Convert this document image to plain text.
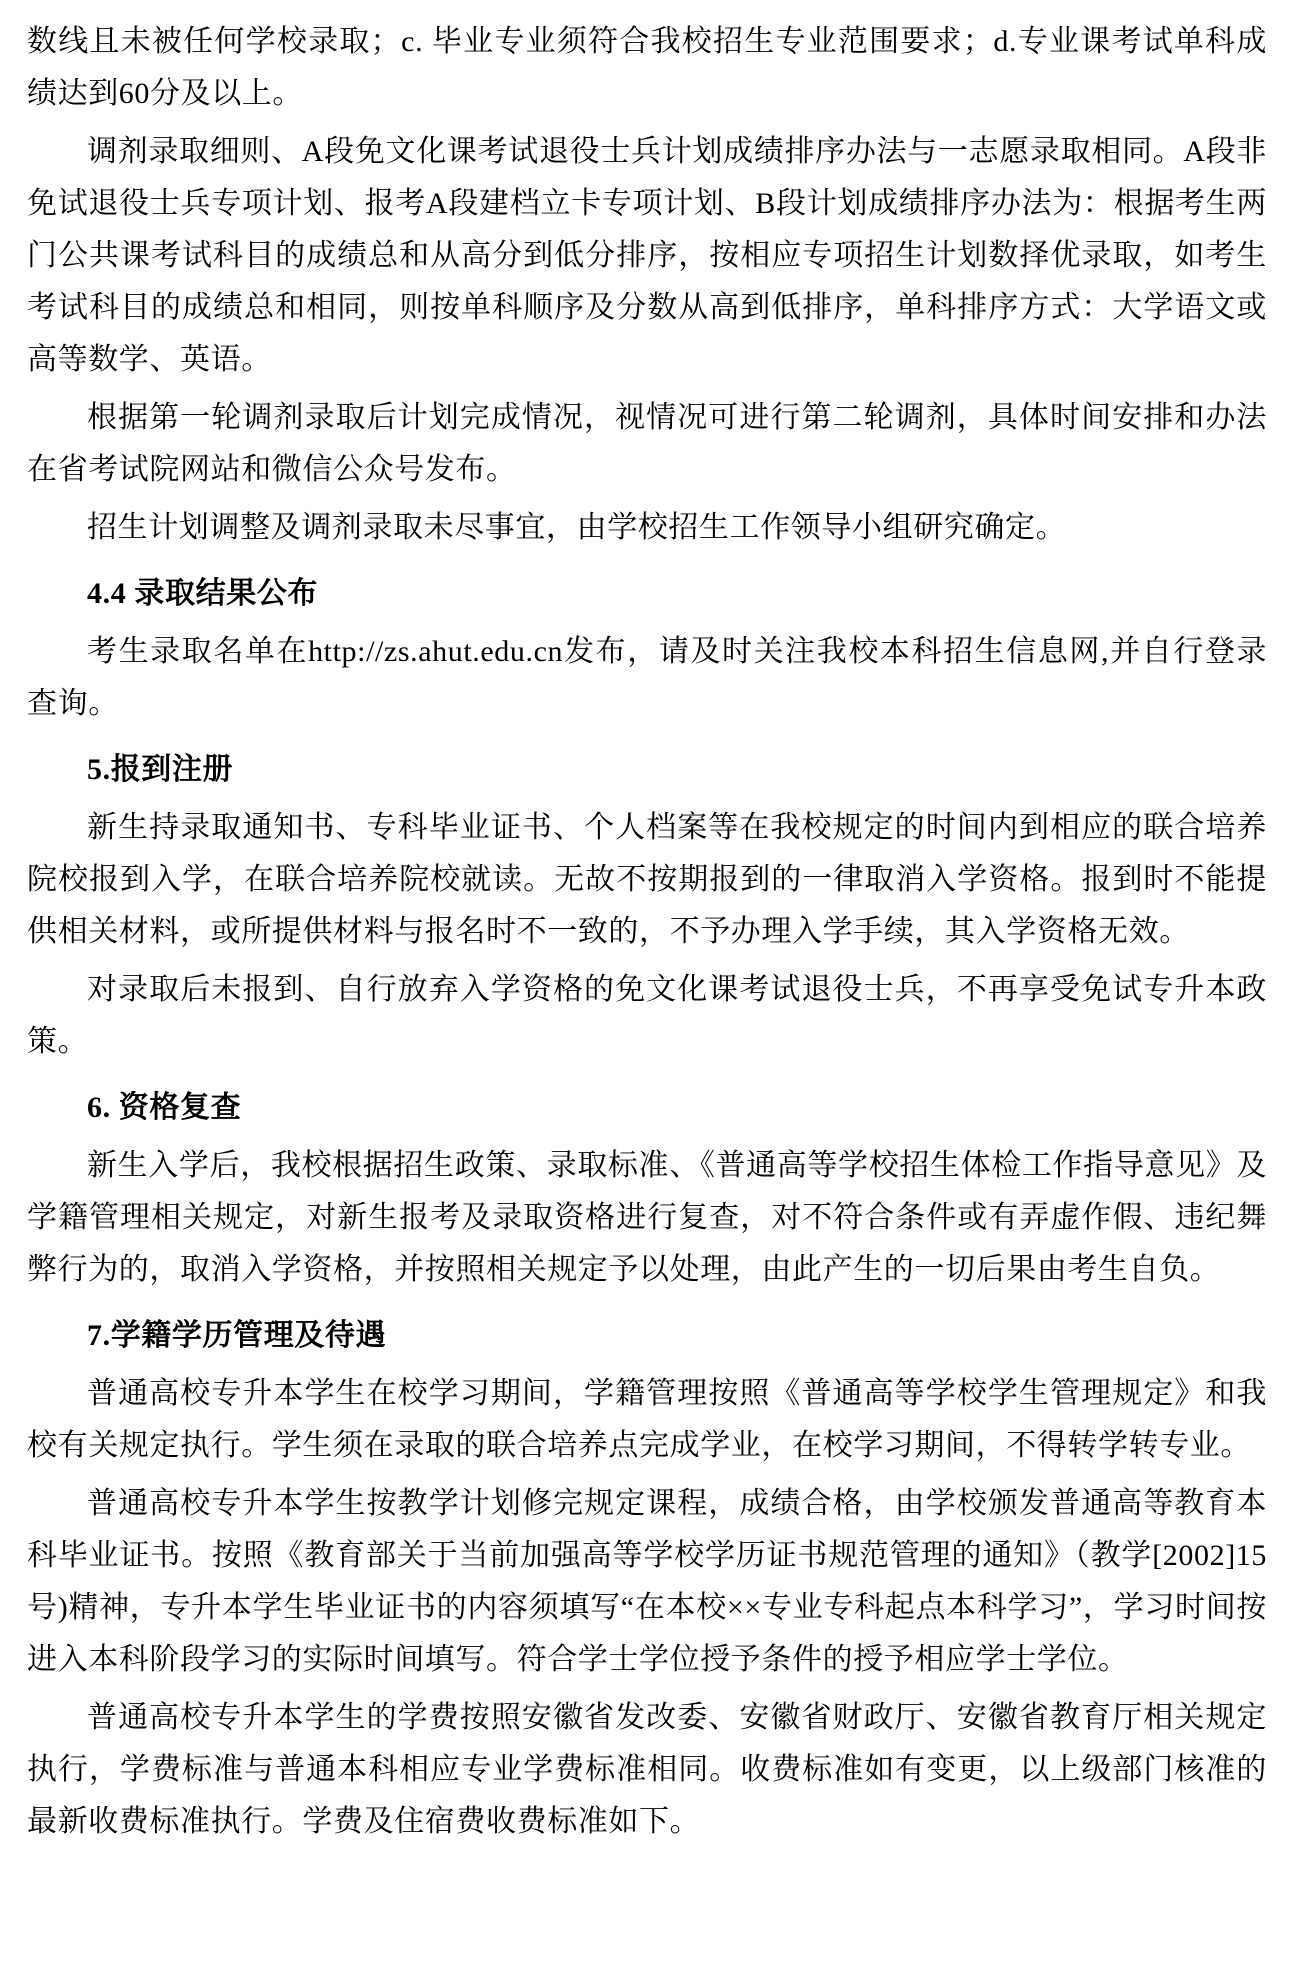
数线且未被任何学校录取；c. 毕业专业须符合我校招生专业范围要求；d.专业课考试单科成绩达到60分及以上。

调剂录取细则、A段免文化课考试退役士兵计划成绩排序办法与一志愿录取相同。A段非免试退役士兵专项计划、报考A段建档立卡专项计划、B段计划成绩排序办法为：根据考生两门公共课考试科目的成绩总和从高分到低分排序，按相应专项招生计划数择优录取，如考生考试科目的成绩总和相同，则按单科顺序及分数从高到低排序，单科排序方式：大学语文或高等数学、英语。

根据第一轮调剂录取后计划完成情况，视情况可进行第二轮调剂，具体时间安排和办法在省考试院网站和微信公众号发布。

招生计划调整及调剂录取未尽事宜，由学校招生工作领导小组研究确定。

4.4 录取结果公布

考生录取名单在http://zs.ahut.edu.cn发布，请及时关注我校本科招生信息网,并自行登录查询。

5.报到注册

新生持录取通知书、专科毕业证书、个人档案等在我校规定的时间内到相应的联合培养院校报到入学，在联合培养院校就读。无故不按期报到的一律取消入学资格。报到时不能提供相关材料，或所提供材料与报名时不一致的，不予办理入学手续，其入学资格无效。

对录取后未报到、自行放弃入学资格的免文化课考试退役士兵，不再享受免试专升本政策。

6. 资格复查

新生入学后，我校根据招生政策、录取标准、《普通高等学校招生体检工作指导意见》及学籍管理相关规定，对新生报考及录取资格进行复查，对不符合条件或有弄虚作假、违纪舞弊行为的，取消入学资格，并按照相关规定予以处理，由此产生的一切后果由考生自负。

7.学籍学历管理及待遇

普通高校专升本学生在校学习期间，学籍管理按照《普通高等学校学生管理规定》和我校有关规定执行。学生须在录取的联合培养点完成学业，在校学习期间，不得转学转专业。

普通高校专升本学生按教学计划修完规定课程，成绩合格，由学校颁发普通高等教育本科毕业证书。按照《教育部关于当前加强高等学校学历证书规范管理的通知》（教学[2002]15号)精神，专升本学生毕业证书的内容须填写“在本校××专业专科起点本科学习”，学习时间按进入本科阶段学习的实际时间填写。符合学士学位授予条件的授予相应学士学位。

普通高校专升本学生的学费按照安徽省发改委、安徽省财政厅、安徽省教育厅相关规定执行，学费标准与普通本科相应专业学费标准相同。收费标准如有变更，以上级部门核准的最新收费标准执行。学费及住宿费收费标准如下。
